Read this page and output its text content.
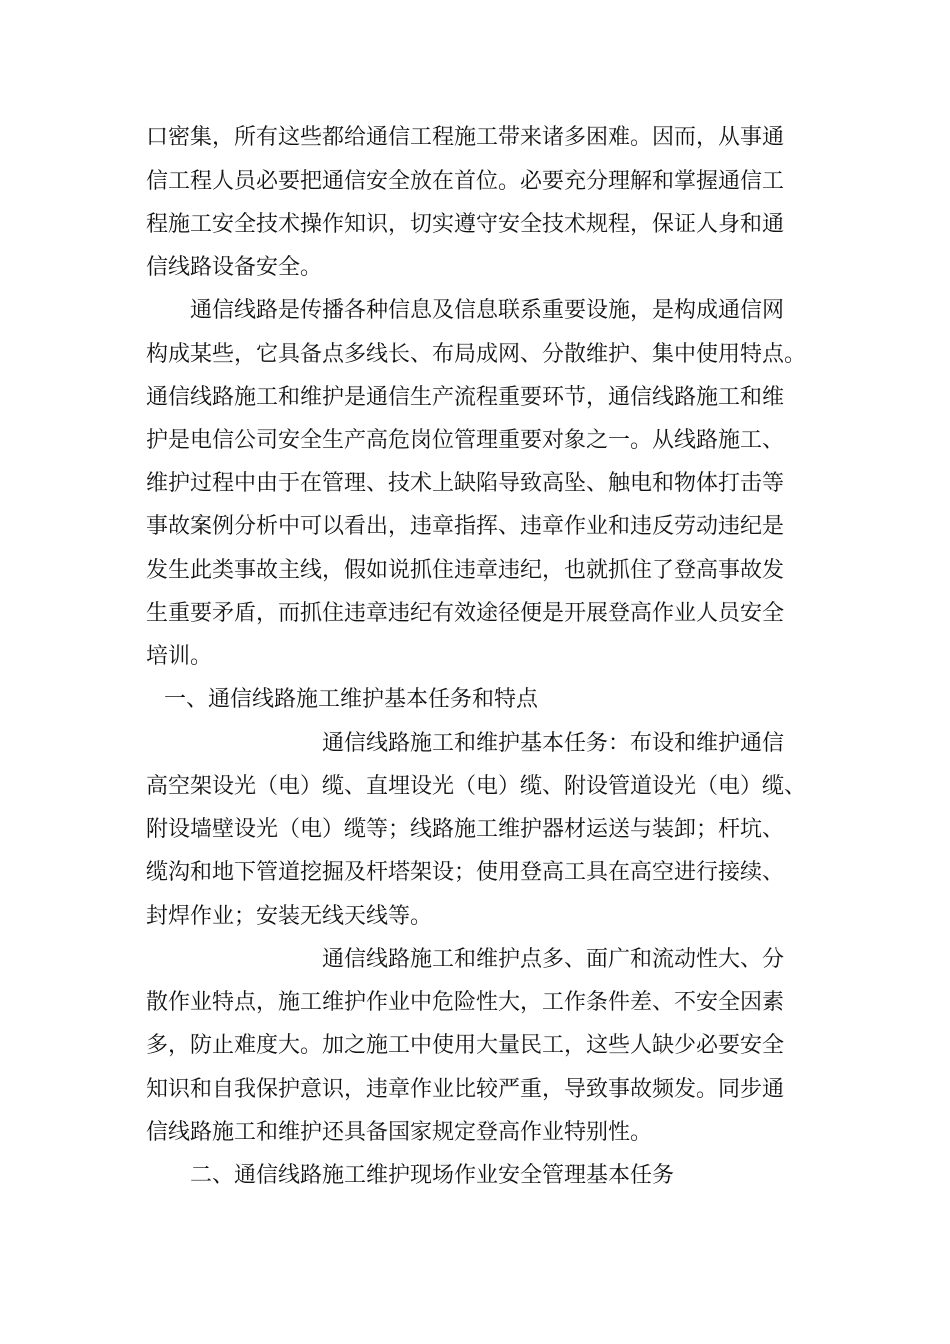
口密集，所有这些都给通信工程施工带来诸多困难。因而，从事通
信工程人员必要把通信安全放在首位。必要充分理解和掌握通信工
程施工安全技术操作知识，切实遵守安全技术规程，保证人身和通
信线路设备安全。
通信线路是传播各种信息及信息联系重要设施，是构成通信网
构成某些，它具备点多线长、布局成网、分散维护、集中使用特点。
通信线路施工和维护是通信生产流程重要环节，通信线路施工和维
护是电信公司安全生产高危岗位管理重要对象之一。从线路施工、
维护过程中由于在管理、技术上缺陷导致高坠、触电和物体打击等
事故案例分析中可以看出，违章指挥、违章作业和违反劳动违纪是
发生此类事故主线，假如说抓住违章违纪，也就抓住了登高事故发
生重要矛盾，而抓住违章违纪有效途径便是开展登高作业人员安全
培训。
一、通信线路施工维护基本任务和特点
通信线路施工和维护基本任务：布设和维护通信
高空架设光（电）缆、直埋设光（电）缆、附设管道设光（电）缆、
附设墙壁设光（电）缆等；线路施工维护器材运送与装卸；杆坑、
缆沟和地下管道挖掘及杆塔架设；使用登高工具在高空进行接续、
封焊作业；安装无线天线等。
通信线路施工和维护点多、面广和流动性大、分
散作业特点，施工维护作业中危险性大，工作条件差、不安全因素
多，防止难度大。加之施工中使用大量民工，这些人缺少必要安全
知识和自我保护意识，违章作业比较严重，导致事故频发。同步通
信线路施工和维护还具备国家规定登高作业特别性。
二、通信线路施工维护现场作业安全管理基本任务
